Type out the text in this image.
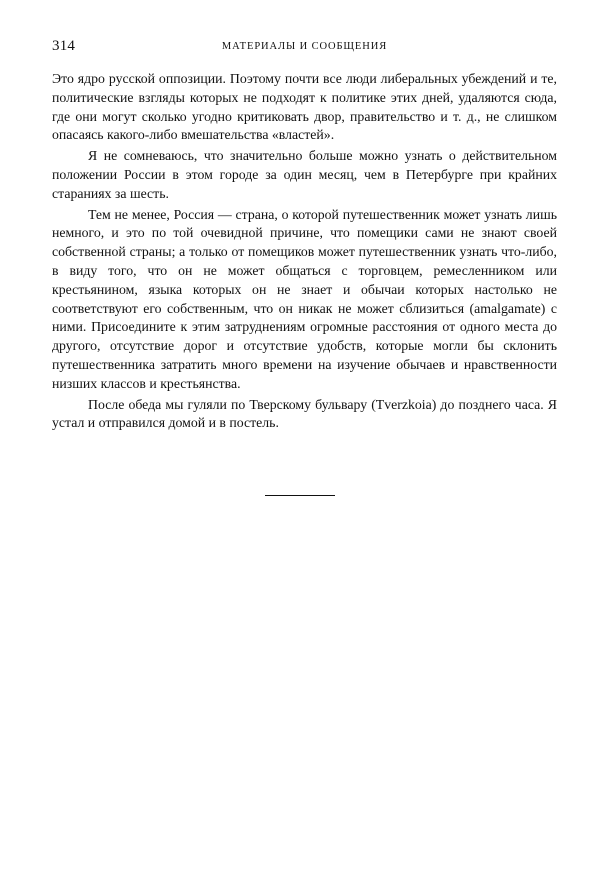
314	МАТЕРИАЛЫ И СООБЩЕНИЯ

Это ядро русской оппозиции. Поэтому почти все люди либеральных убеждений и те, политические взгляды которых не подходят к политике этих дней, удаляются сюда, где они могут сколько угодно критиковать двор, правительство и т. д., не слишком опасаясь какого-либо вмешательства «властей».

Я не сомневаюсь, что значительно больше можно узнать о действительном положении России в этом городе за один месяц, чем в Петербурге при крайних стараниях за шесть.

Тем не менее, Россия — страна, о которой путешественник может узнать лишь немного, и это по той очевидной причине, что помещики сами не знают своей собственной страны; а только от помещиков может путешественник узнать что-либо, в виду того, что он не может общаться с торговцем, ремесленником или крестьянином, языка которых он не знает и обычаи которых настолько не соответствуют его собственным, что он никак не может сблизиться (amalgamate) с ними. Присоедините к этим затруднениям огромные расстояния от одного места до другого, отсутствие дорог и отсутствие удобств, которые могли бы склонить путешественника затратить много времени на изучение обычаев и нравственности низших классов и крестьянства.

После обеда мы гуляли по Тверскому бульвару (Tverzkoia) до позднего часа. Я устал и отправился домой и в постель.
